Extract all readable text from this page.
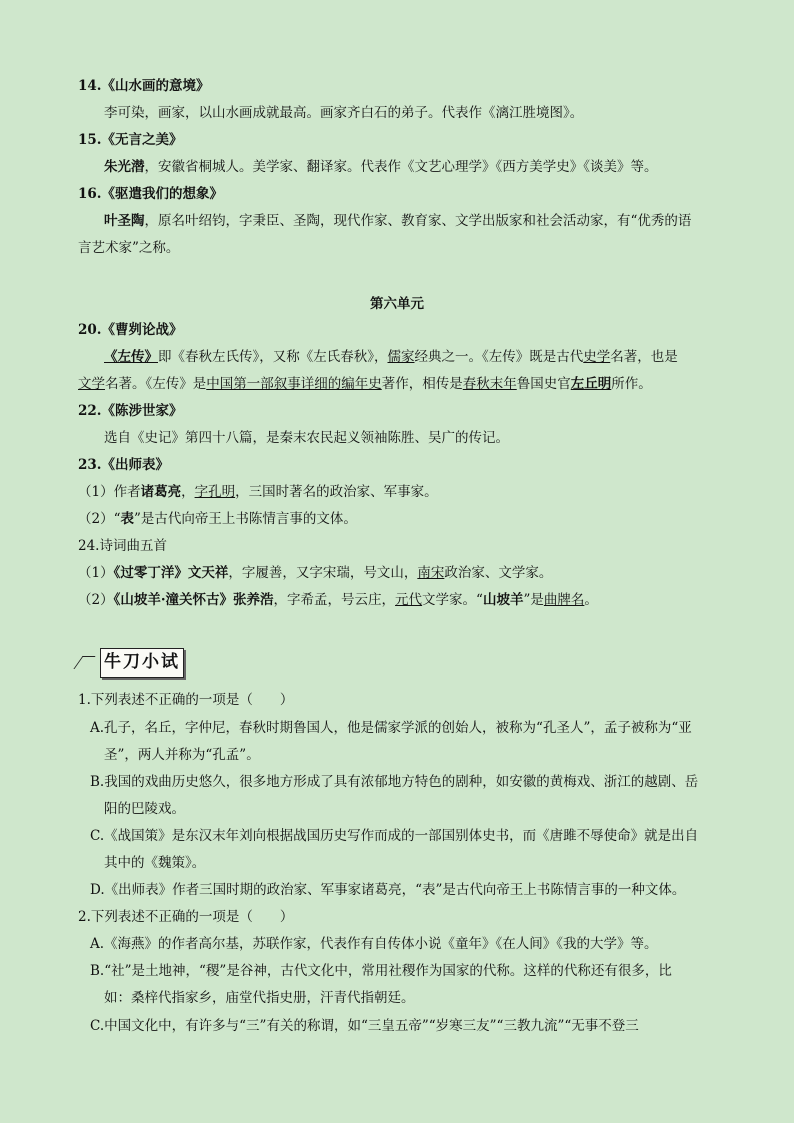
14.《山水画的意境》
李可染，画家，以山水画成就最高。画家齐白石的弟子。代表作《漓江胜境图》。
15.《无言之美》
朱光潜，安徽省桐城人。美学家、翻译家。代表作《文艺心理学》《西方美学史》《谈美》等。
16.《驱遣我们的想象》
叶圣陶，原名叶绍钧，字秉臣、圣陶，现代作家、教育家、文学出版家和社会活动家，有“优秀的语
言艺术家”之称。
第六单元
20.《曹刿论战》
《左传》即《春秋左氏传》，又称《左氏春秋》，儒家经典之一。《左传》既是古代史学名著，也是
文学名著。《左传》是中国第一部叙事详细的编年史著作，相传是春秋末年鲁国史官左丘明所作。
22.《陈涉世家》
选自《史记》第四十八篇，是秦末农民起义领袖陈胜、吴广的传记。
23.《出师表》
（1）作者诸葛亮，字孔明，三国时著名的政治家、军事家。
（2）“表”是古代向帝王上书陈情言事的文体。
24.诗词曲五首
（1）《过零丁洋》文天祥，字履善，又字宋瑞，号文山，南宋政治家、文学家。
（2）《山坡羊·潼关怀古》张养浩，字希孟，号云庄，元代文学家。“山坡羊”是曲牌名。
牛刀小试
1.下列表述不正确的一项是（　　）
A.孔子，名丘，字仲尼，春秋时期鲁国人，他是儒家学派的创始人，被称为“孔圣人”，孟子被称为“亚
圣”，两人并称为“孔孟”。
B.我国的戏曲历史悠久，很多地方形成了具有浓郁地方特色的剧种，如安徽的黄梅戏、浙江的越剧、岳
阳的巴陵戏。
C.《战国策》是东汉末年刘向根据战国历史写作而成的一部国别体史书，而《唐雎不辱使命》就是出自
其中的《魏策》。
D.《出师表》作者三国时期的政治家、军事家诸葛亮，“表”是古代向帝王上书陈情言事的一种文体。
2.下列表述不正确的一项是（　　）
A.《海燕》的作者高尔基，苏联作家，代表作有自传体小说《童年》《在人间》《我的大学》等。
B.“社”是土地神，“稷”是谷神，古代文化中，常用社稷作为国家的代称。这样的代称还有很多，比
如：桑梓代指家乡，庙堂代指史册，汗青代指朝廷。
C.中国文化中，有许多与“三”有关的称谓，如“三皇五帝”“岁寒三友”“三教九流”“无事不登三
